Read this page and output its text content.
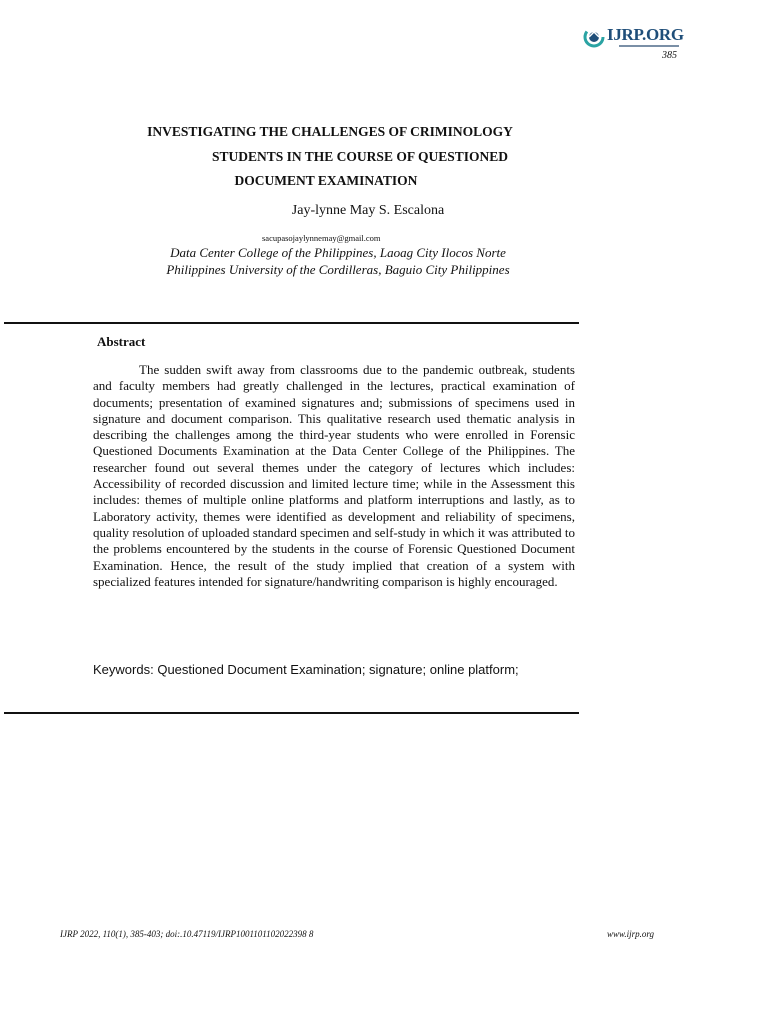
IJRP.ORG
385
INVESTIGATING THE CHALLENGES OF CRIMINOLOGY
STUDENTS IN THE COURSE OF QUESTIONED
DOCUMENT EXAMINATION
Jay-lynne May S. Escalona
sacupasojaylynnemay@gmail.com
Data Center College of the Philippines, Laoag City Ilocos Norte
Philippines University of the Cordilleras, Baguio City Philippines
Abstract

The sudden swift away from classrooms due to the pandemic outbreak, students and faculty members had greatly challenged in the lectures, practical examination of documents; presentation of examined signatures and; submissions of specimens used in signature and document comparison. This qualitative research used thematic analysis in describing the challenges among the third-year students who were enrolled in Forensic Questioned Documents Examination at the Data Center College of the Philippines. The researcher found out several themes under the category of lectures which includes: Accessibility of recorded discussion and limited lecture time; while in the Assessment this includes: themes of multiple online platforms and platform interruptions and lastly, as to Laboratory activity, themes were identified as development and reliability of specimens, quality resolution of uploaded standard specimen and self-study in which it was attributed to the problems encountered by the students in the course of Forensic Questioned Document Examination. Hence, the result of the study implied that creation of a system with specialized features intended for signature/handwriting comparison is highly encouraged.

Keywords: Questioned Document Examination; signature; online platform;
IJRP 2022, 110(1), 385-403; doi:.10.47119/IJRP1001101102022398 8	www.ijrp.org
